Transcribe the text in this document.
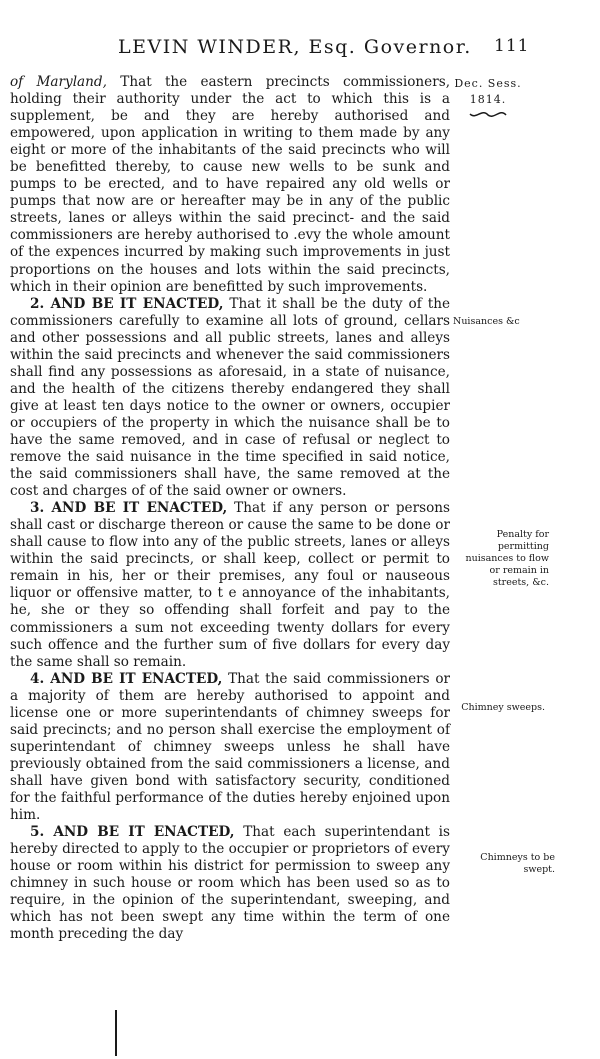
LEVIN WINDER, Esq. Governor. 111
Dec. Sess.
1814.
Nuisances &c
Penalty for permitting nuisances to flow or remain in streets, &c.
Chimney sweeps.
Chimneys to be swept.

of Maryland, That the eastern precincts commissioners, holding their authority under the act to which this is a supplement, be and they are hereby authorised and empowered, upon application in writing to them made by any eight or more of the inhabitants of the said precincts who will be benefitted thereby, to cause new wells to be sunk and pumps to be erected, and to have repaired any old wells or pumps that now are or hereafter may be in any of the public streets, lanes or alleys within the said precinct- and the said commissioners are hereby authorised to .evy the whole amount of the expences incurred by making such improvements in just proportions on the houses and lots within the said precincts, which in their opinion are benefitted by such improvements.

2. AND BE IT ENACTED, That it shall be the duty of the commissioners carefully to examine all lots of ground, cellars and other possessions and all public streets, lanes and alleys within the said precincts and whenever the said commissioners shall find any possessions as aforesaid, in a state of nuisance, and the health of the citizens thereby endangered they shall give at least ten days notice to the owner or owners, occupier or occupiers of the property in which the nuisance shall be to have the same removed, and in case of refusal or neglect to remove the said nuisance in the time specified in said notice, the said commissioners shall have, the same removed at the cost and charges of of the said owner or owners.

3. AND BE IT ENACTED, That if any person or persons shall cast or discharge thereon or cause the same to be done or shall cause to flow into any of the public streets, lanes or alleys within the said precincts, or shall keep, collect or permit to remain in his, her or their premises, any foul or nauseous liquor or offensive matter, to t e annoyance of the inhabitants, he, she or they so offending shall forfeit and pay to the commissioners a sum not exceeding twenty dollars for every such offence and the further sum of five dollars for every day the same shall so remain.

4. AND BE IT ENACTED, That the said commissioners or a majority of them are hereby authorised to appoint and license one or more superintendants of chimney sweeps for said precincts; and no person shall exercise the employment of superintendant of chimney sweeps unless he shall have previously obtained from the said commissioners a license, and shall have given bond with satisfactory security, conditioned for the faithful performance of the duties hereby enjoined upon him.

5. AND BE IT ENACTED, That each superintendant is hereby directed to apply to the occupier or proprietors of every house or room within his district for permission to sweep any chimney in such house or room which has been used so as to require, in the opinion of the superintendant, sweeping, and which has not been swept any time within the term of one month preceding the day
